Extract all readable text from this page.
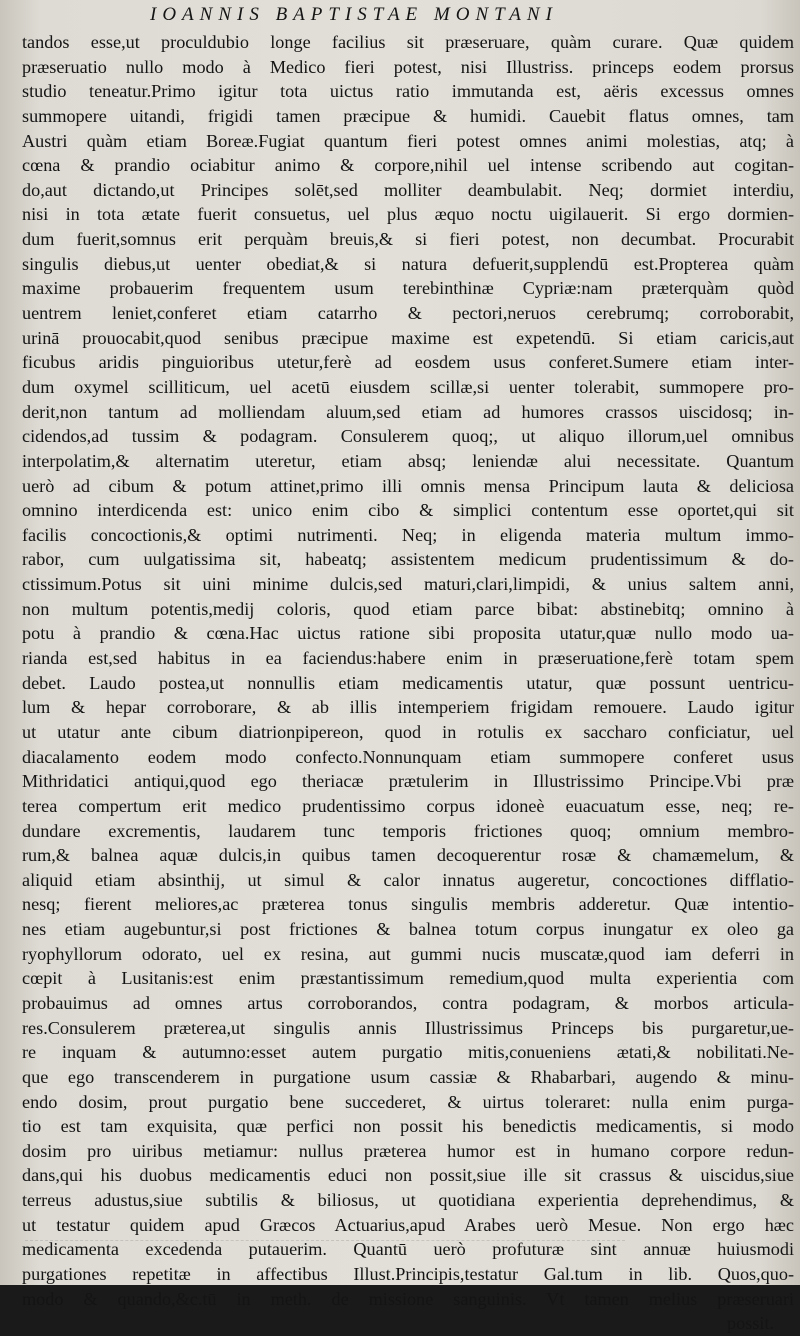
IOANNIS BAPTISTAE MONTANI
tandos esse,ut proculdubio longe facilius sit præseruare, quàm curare. Quæ quidem
præseruatio nullo modo à Medico fieri potest, nisi Illustriss. princeps eodem prorsus
studio teneatur.Primo igitur tota uictus ratio immutanda est, aëris excessus omnes
summopere uitandi, frigidi tamen præcipue & humidi. Cauebit flatus omnes, tam
Austri quàm etiam Boreæ.Fugiat quantum fieri potest omnes animi molestias, atq; à
cœna & prandio ociabitur animo & corpore,nihil uel intense scribendo aut cogitan-
do,aut dictando,ut Principes solēt,sed molliter deambulabit. Neq; dormiet interdiu,
nisi in tota ætate fuerit consuetus, uel plus æquo noctu uigilauerit. Si ergo dormien-
dum fuerit,somnus erit perquàm breuis,& si fieri potest, non decumbat. Procurabit
singulis diebus,ut uenter obediat,& si natura defuerit,supplendū est.Propterea quàm
maxime probauerim frequentem usum terebinthinæ Cypriæ:nam præterquàm quòd
uentrem leniet,conferet etiam catarrho & pectori,neruos cerebrumq; corroborabit,
urinā prouocabit,quod senibus præcipue maxime est expetendū. Si etiam caricis,aut
ficubus aridis pinguioribus utetur,ferè ad eosdem usus conferet.Sumere etiam inter-
dum oxymel scilliticum, uel acetū eiusdem scillæ,si uenter tolerabit, summopere pro-
derit,non tantum ad molliendam aluum,sed etiam ad humores crassos uiscidosq; in-
cidendos,ad tussim & podagram. Consulerem quoq;, ut aliquo illorum,uel omnibus
interpolatim,& alternatim uteretur, etiam absq; leniendæ alui necessitate. Quantum
uerò ad cibum & potum attinet,primo illi omnis mensa Principum lauta & deliciosa
omnino interdicenda est: unico enim cibo & simplici contentum esse oportet,qui sit
facilis concoctionis,& optimi nutrimenti. Neq; in eligenda materia multum immo-
rabor, cum uulgatissima sit, habeatq; assistentem medicum prudentissimum & do-
ctissimum.Potus sit uini minime dulcis,sed maturi,clari,limpidi, & unius saltem anni,
non multum potentis,medij coloris, quod etiam parce bibat: abstinebitq; omnino à
potu à prandio & cœna.Hac uictus ratione sibi proposita utatur,quæ nullo modo ua-
rianda est,sed habitus in ea faciendus:habere enim in præseruatione,ferè totam spem
debet. Laudo postea,ut nonnullis etiam medicamentis utatur, quæ possunt uentricu-
lum & hepar corroborare, & ab illis intemperiem frigidam remouere. Laudo igitur
ut utatur ante cibum diatrionpipereon, quod in rotulis ex saccharo conficiatur, uel
diacalamento eodem modo confecto.Nonnunquam etiam summopere conferet usus
Mithridatici antiqui,quod ego theriacæ prætulerim in Illustrissimo Principe.Vbi præ
terea compertum erit medico prudentissimo corpus idoneè euacuatum esse, neq; re-
dundare excrementis, laudarem tunc temporis frictiones quoq; omnium membro-
rum,& balnea aquæ dulcis,in quibus tamen decoquerentur rosæ & chamæmelum, &
aliquid etiam absinthij, ut simul & calor innatus augeretur, concoctiones difflatio-
nesq; fierent meliores,ac præterea tonus singulis membris adderetur. Quæ intentio-
nes etiam augebuntur,si post frictiones & balnea totum corpus inungatur ex oleo ga
ryophyllorum odorato, uel ex resina, aut gummi nucis muscatæ,quod iam deferri in
cœpit à Lusitanis:est enim præstantissimum remedium,quod multa experientia com
probauimus ad omnes artus corroborandos, contra podagram, & morbos articula-
res.Consulerem præterea,ut singulis annis Illustrissimus Princeps bis purgaretur,ue-
re inquam & autumno:esset autem purgatio mitis,conueniens ætati,& nobilitati.Ne-
que ego transcenderem in purgatione usum cassiæ & Rhabarbari, augendo & minu-
endo dosim, prout purgatio bene succederet, & uirtus toleraret: nulla enim purga-
tio est tam exquisita, quæ perfici non possit his benedictis medicamentis, si modo
dosim pro uiribus metiamur: nullus præterea humor est in humano corpore redun-
dans,qui his duobus medicamentis educi non possit,siue ille sit crassus & uiscidus,siue
terreus adustus,siue subtilis & biliosus, ut quotidiana experientia deprehendimus, &
ut testatur quidem apud Græcos Actuarius,apud Arabes uerò Mesue. Non ergo hæc
medicamenta excedenda putauerim. Quantū uerò profuturæ sint annuæ huiusmodi
purgationes repetitæ in affectibus Illust.Principis,testatur Gal.tum in lib. Quos,quo-
modo & quando,&c.tū in meth. de missione sanguinis. Vt tamen melius præseruari
possit.
